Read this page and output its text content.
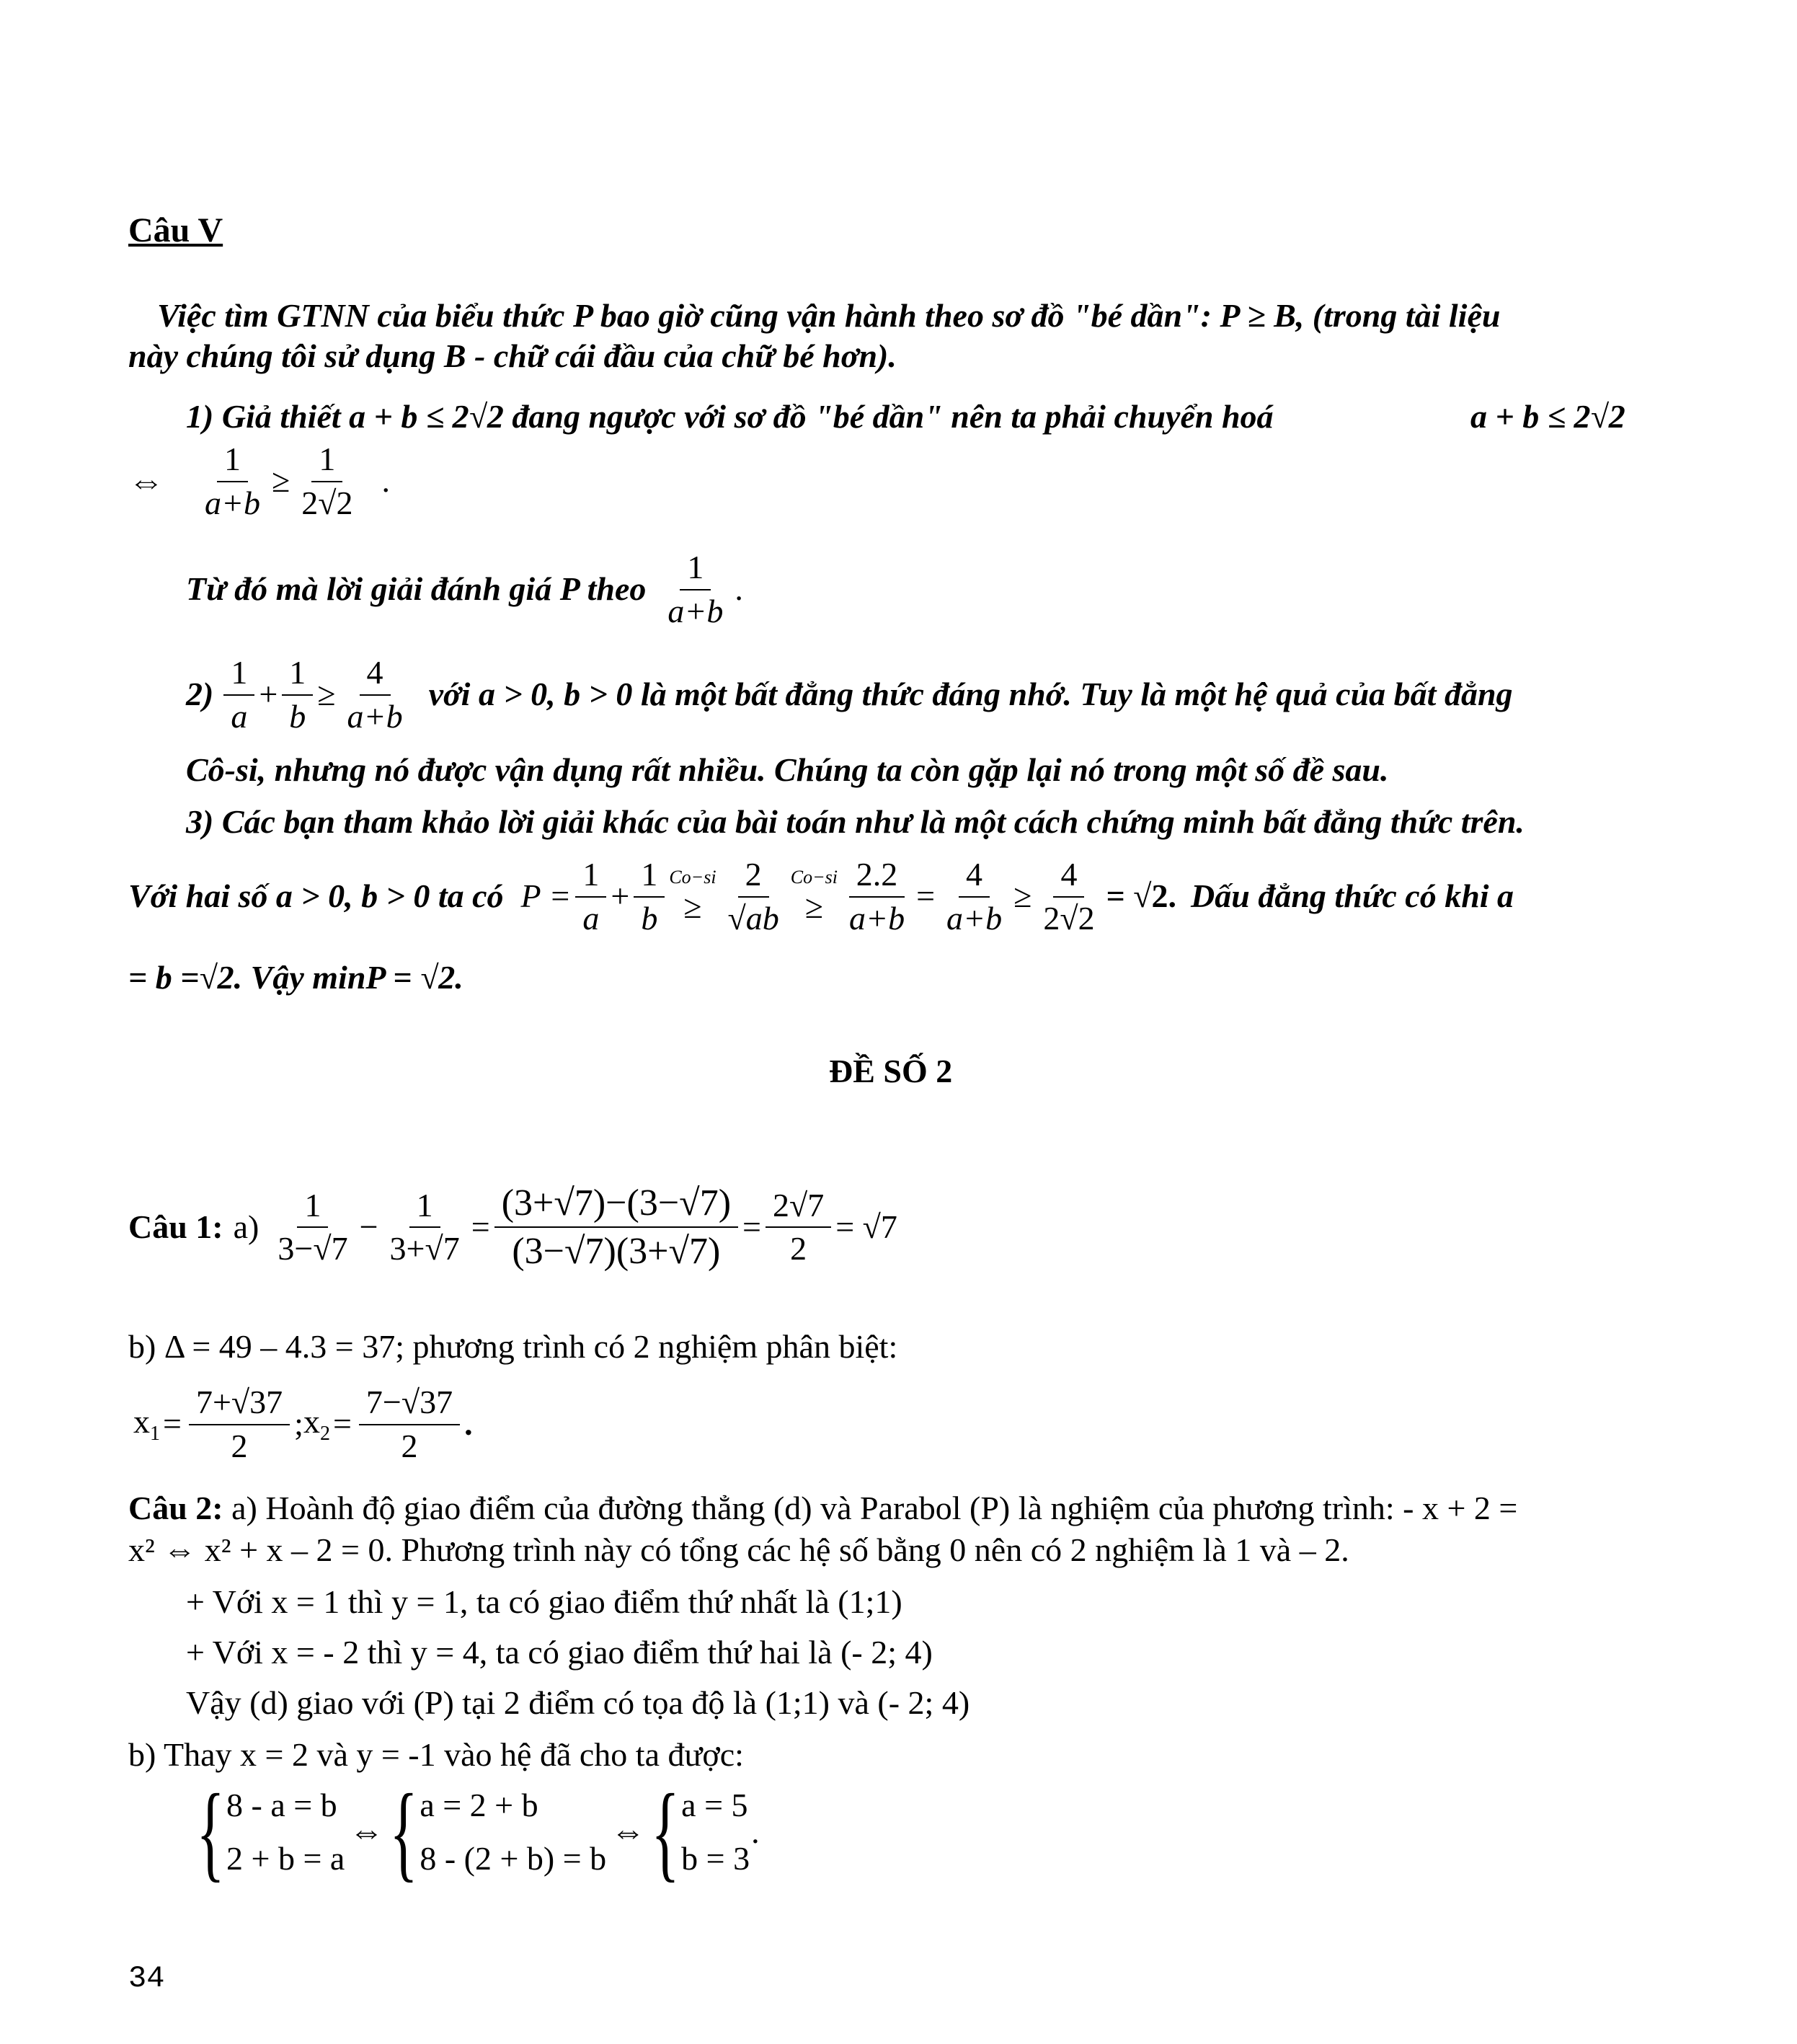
Câu V
Việc tìm GTNN của biểu thức P bao giờ cũng vận hành theo sơ đồ "bé dần": P ≥ B, (trong tài liệu
này chúng tôi sử dụng B - chữ cái đầu của chữ bé hơn).
1) Giả thiết a + b ≤ 2√2 đang ngược với sơ đồ "bé dần" nên ta phải chuyển hoá	a + b ≤ 2√2
⇔ $\frac{1}{a+b} \ge \frac{1}{2√2}$ .
Từ đó mà lời giải đánh giá P theo $\frac{1}{a+b}$ .
$2) \frac{1}{a} + \frac{1}{b} \ge \frac{4}{a+b}$ với a > 0, b > 0 là một bất đẳng thức đáng nhớ. Tuy là một hệ quả của bất đẳng
Cô-si, nhưng nó được vận dụng rất nhiều. Chúng ta còn gặp lại nó trong một số đề sau.
3) Các bạn tham khảo lời giải khác của bài toán như là một cách chứng minh bất đẳng thức trên.
Với hai số a > 0, b > 0 ta có $P = \frac{1}{a} + \frac{1}{b} Co-si$
≥ $\frac{2}{√ab} Co-si$
≥ $\frac{2.2}{a+b} = \frac{4}{a+b} \ge \frac{4}{2√2} = √2$. Dấu đẳng thức có khi a
= b =√2. Vậy minP = √2.
ĐỀ SỐ 2
Câu 1: $a) \frac{1}{3-√7} - \frac{1}{3+√7} = \frac{(3+√7)-(3-√7)}{(3-√7)(3+√7)} = \frac{2√7}{2} = √7$
b) Δ = 49 – 4.3 = 37; phương trình có 2 nghiệm phân biệt:
$x_1 = \frac{7+√37}{2}$ ; $x_2 = \frac{7-√37}{2}$ .
Câu 2: a) Hoành độ giao điểm của đường thẳng (d) và Parabol (P) là nghiệm của phương trình: - x + 2 =
x² ⇔ x² + x – 2 = 0. Phương trình này có tổng các hệ số bằng 0 nên có 2 nghiệm là 1 và – 2.
+ Với x = 1 thì y = 1, ta có giao điểm thứ nhất là (1;1)
+ Với x = - 2 thì y = 4, ta có giao điểm thứ hai là (- 2; 4)
Vậy (d) giao với (P) tại 2 điểm có tọa độ là (1;1) và (- 2; 4)
b) Thay x = 2 và y = -1 vào hệ đã cho ta được:
{ 8 - a = b
2 + b = a
⇔ { a = 2 + b
8 - (2 + b) = b
⇔ { a = 5
b = 3
.
34
